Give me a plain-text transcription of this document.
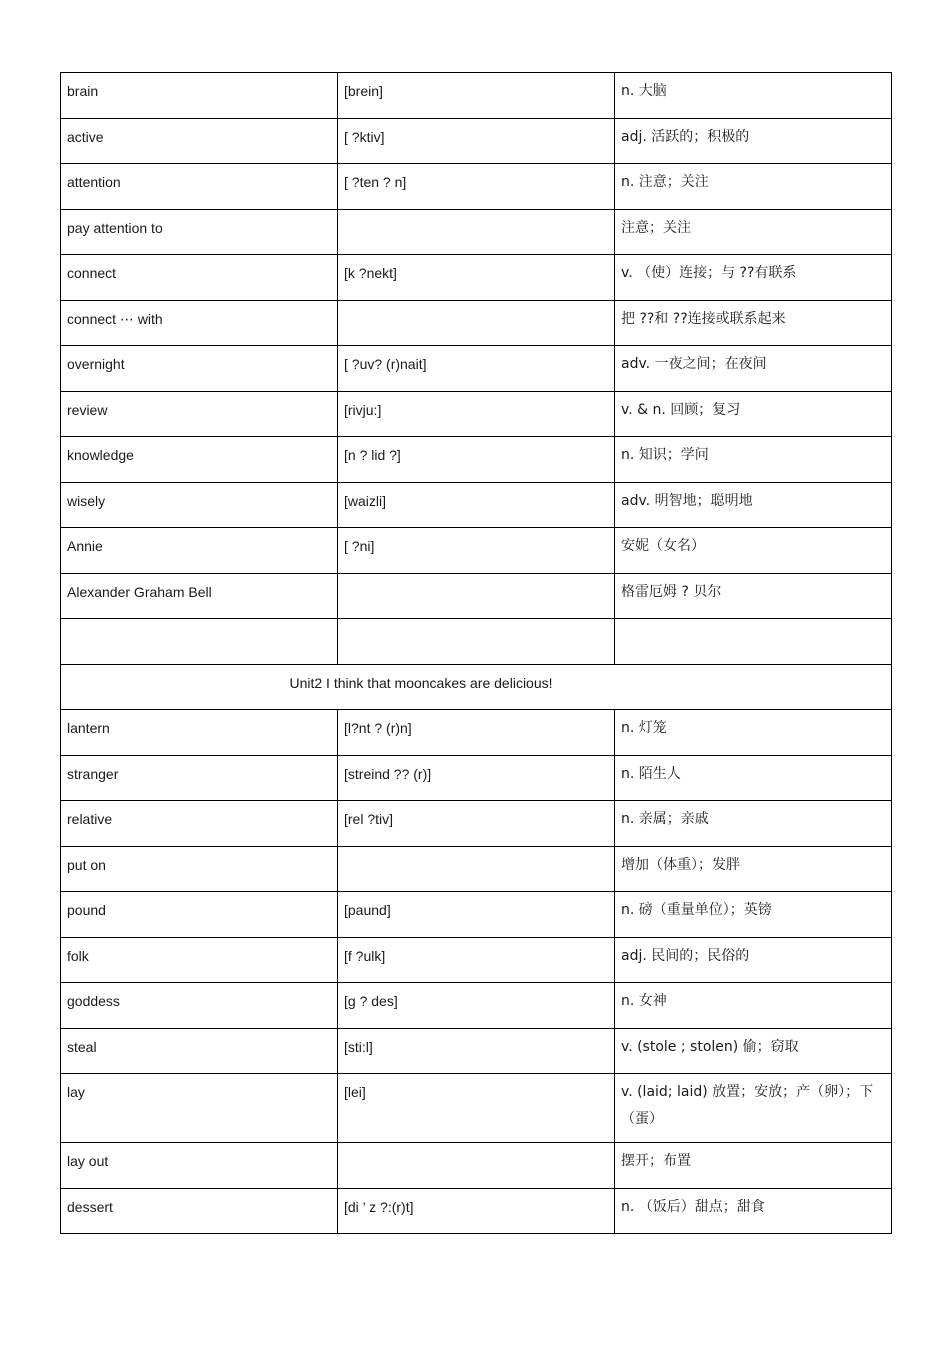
brain	[brein]	n. 大脑
active	[ ?ktiv]	adj. 活跃的；积极的
attention	[ ?ten ? n]	n. 注意；关注
pay attention to		注意；关注
connect	[k ?nekt]	v. （使）连接；与 ??有联系
connect ⋯ with		把 ??和 ??连接或联系起来
overnight	[ ?uv? (r)nait]	adv. 一夜之间；在夜间
review	[rivju:]	v. & n. 回顾；复习
knowledge	[n ? lid ?]	n. 知识；学问
wisely	[waizli]	adv. 明智地；聪明地
Annie	[ ?ni]	安妮（女名）
Alexander Graham Bell		格雷厄姆 ? 贝尔

Unit2 I think that mooncakes are delicious!		
lantern	[l?nt ? (r)n]	n. 灯笼
stranger	[streind ?? (r)]	n. 陌生人
relative	[rel ?tiv]	n. 亲属；亲戚
put on		增加（体重）；发胖
pound	[paund]	n. 磅（重量单位）；英镑
folk	[f ?ulk]	adj. 民间的；民俗的
goddess	[g ? des]	n. 女神
steal	[sti:l]	v. (stole ; stolen) 偷；窃取
lay	[lei]	v. (laid; laid) 放置；安放；产（卵）；下（蛋）
lay out		摆开；布置
dessert	[di ’ z ?:(r)t]	n. （饭后）甜点；甜食
